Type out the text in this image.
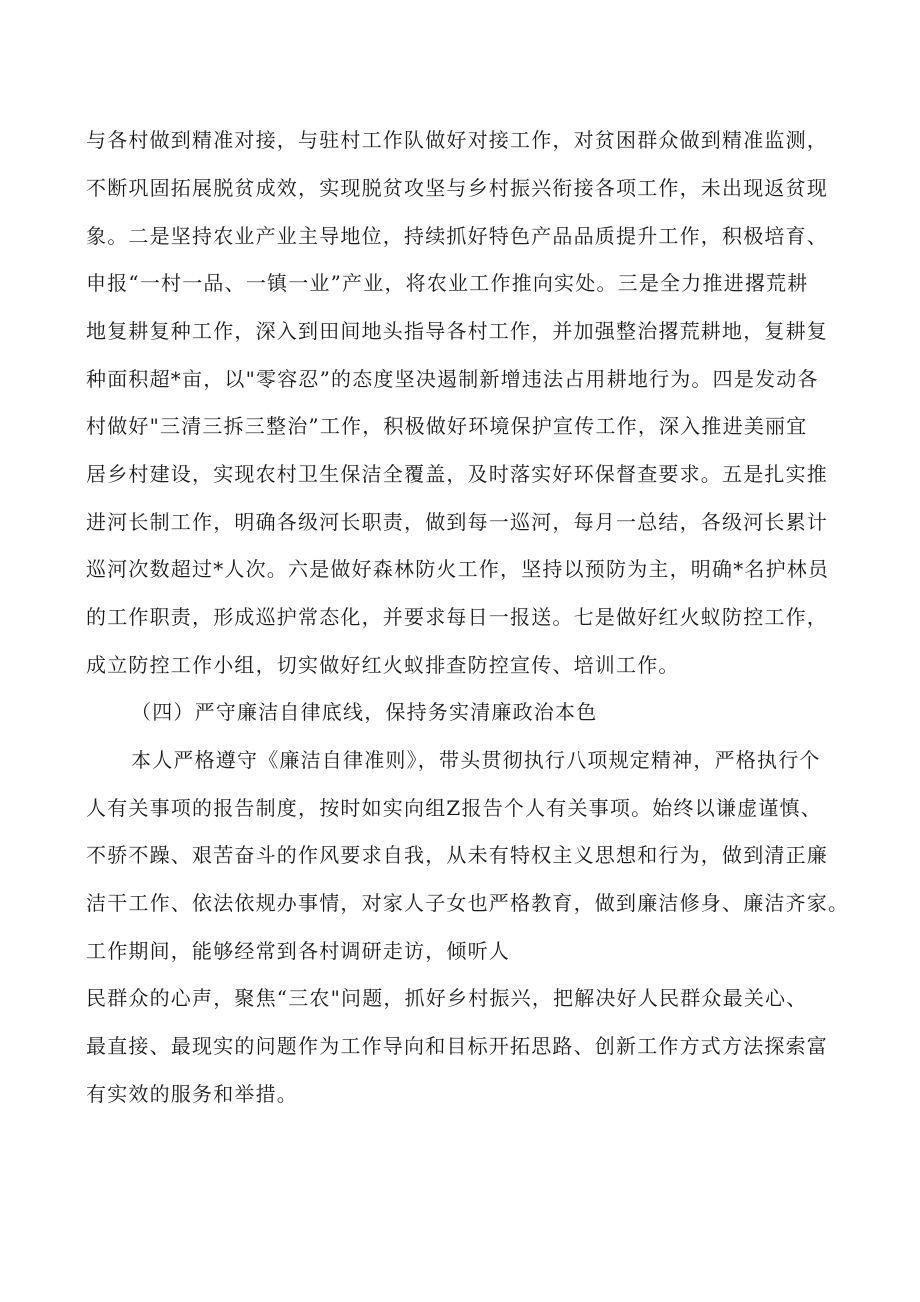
与各村做到精准对接，与驻村工作队做好对接工作，对贫困群众做到精准监测，
不断巩固拓展脱贫成效，实现脱贫攻坚与乡村振兴衔接各项工作，未出现返贫现
象。二是坚持农业产业主导地位，持续抓好特色产品品质提升工作，积极培育、
申报“一村一品、一镇一业”产业，将农业工作推向实处。三是全力推进撂荒耕
地复耕复种工作，深入到田间地头指导各村工作，并加强整治撂荒耕地，复耕复
种面积超*亩，以"零容忍”的态度坚决遏制新增违法占用耕地行为。四是发动各
村做好"三清三拆三整治”工作，积极做好环境保护宣传工作，深入推进美丽宜
居乡村建设，实现农村卫生保洁全覆盖，及时落实好环保督查要求。五是扎实推
进河长制工作，明确各级河长职责，做到每一巡河，每月一总结，各级河长累计
巡河次数超过*人次。六是做好森林防火工作，坚持以预防为主，明确*名护林员
的工作职责，形成巡护常态化，并要求每日一报送。七是做好红火蚁防控工作，
成立防控工作小组，切实做好红火蚁排查防控宣传、培训工作。
（四）严守廉洁自律底线，保持务实清廉政治本色
本人严格遵守《廉洁自律准则》，带头贯彻执行八项规定精神，严格执行个
人有关事项的报告制度，按时如实向组Z报告个人有关事项。始终以谦虚谨慎、
不骄不躁、艰苦奋斗的作风要求自我，从未有特权主义思想和行为，做到清正廉
洁干工作、依法依规办事情，对家人子女也严格教育，做到廉洁修身、廉洁齐家。
工作期间，能够经常到各村调研走访，倾听人
民群众的心声，聚焦“三农"问题，抓好乡村振兴，把解决好人民群众最关心、
最直接、最现实的问题作为工作导向和目标开拓思路、创新工作方式方法探索富
有实效的服务和举措。
